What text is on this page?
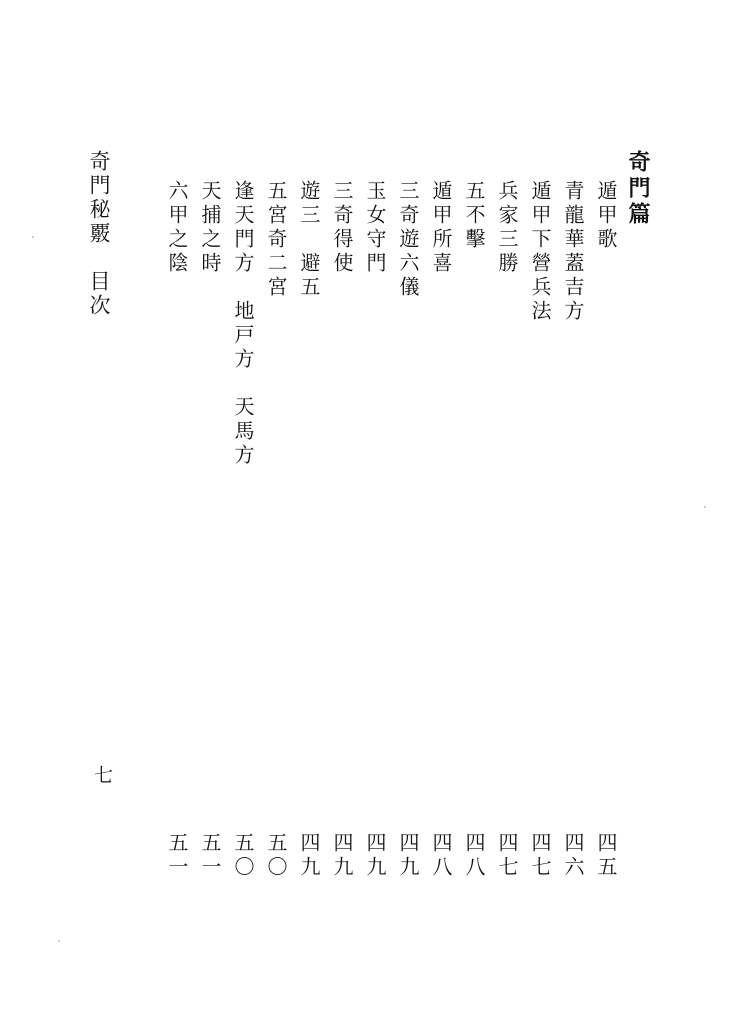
奇門秘覈　目次
七
奇門篇
遁甲歌
青龍華蓋吉方
遁甲下營兵法
兵家三勝
五不擊
遁甲所喜
三奇遊六儀
玉女守門
三奇得使
遊三　避五
五宮奇二宮
逢天門方　地戸方　天馬方
天捕之時
六甲之陰
四五
四六
四七
四七
四八
四八
四九
四九
四九
四九
五〇
五〇
五一
五一
